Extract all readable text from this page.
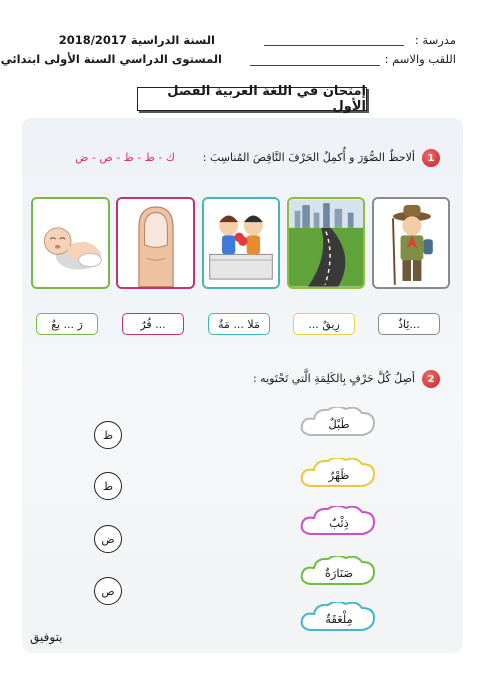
مدرسة :
اللقب والاسم :
السنة الدراسية 2018/2017
المستوى الدراسي السنة الأولى ابتدائي
إمتحان في اللغة العربية الفصل الأول
1
ألاحظُ الصُّوَرَ و أُكمِلُ الحَرْفَ النَّاقِصَ المُناسِبَ :
ك - ط - ظ - ص - ض
رَ ... يعٌ	... فُرٌ	مَلا ... مَةٌ	رِيقٌ ...	...ئِاذٌ
2
أصِلُ كُلَّ حَرْفٍ بِالكَلِمَةِ الَّتي تَحْتَويه :
ظ
ط
ض
ص
طَبْلٌ
ظَهْرٌ
ذِئْبٌ
صَنَارَةٌ
مِلْعَقَةٌ
بتوفيق
